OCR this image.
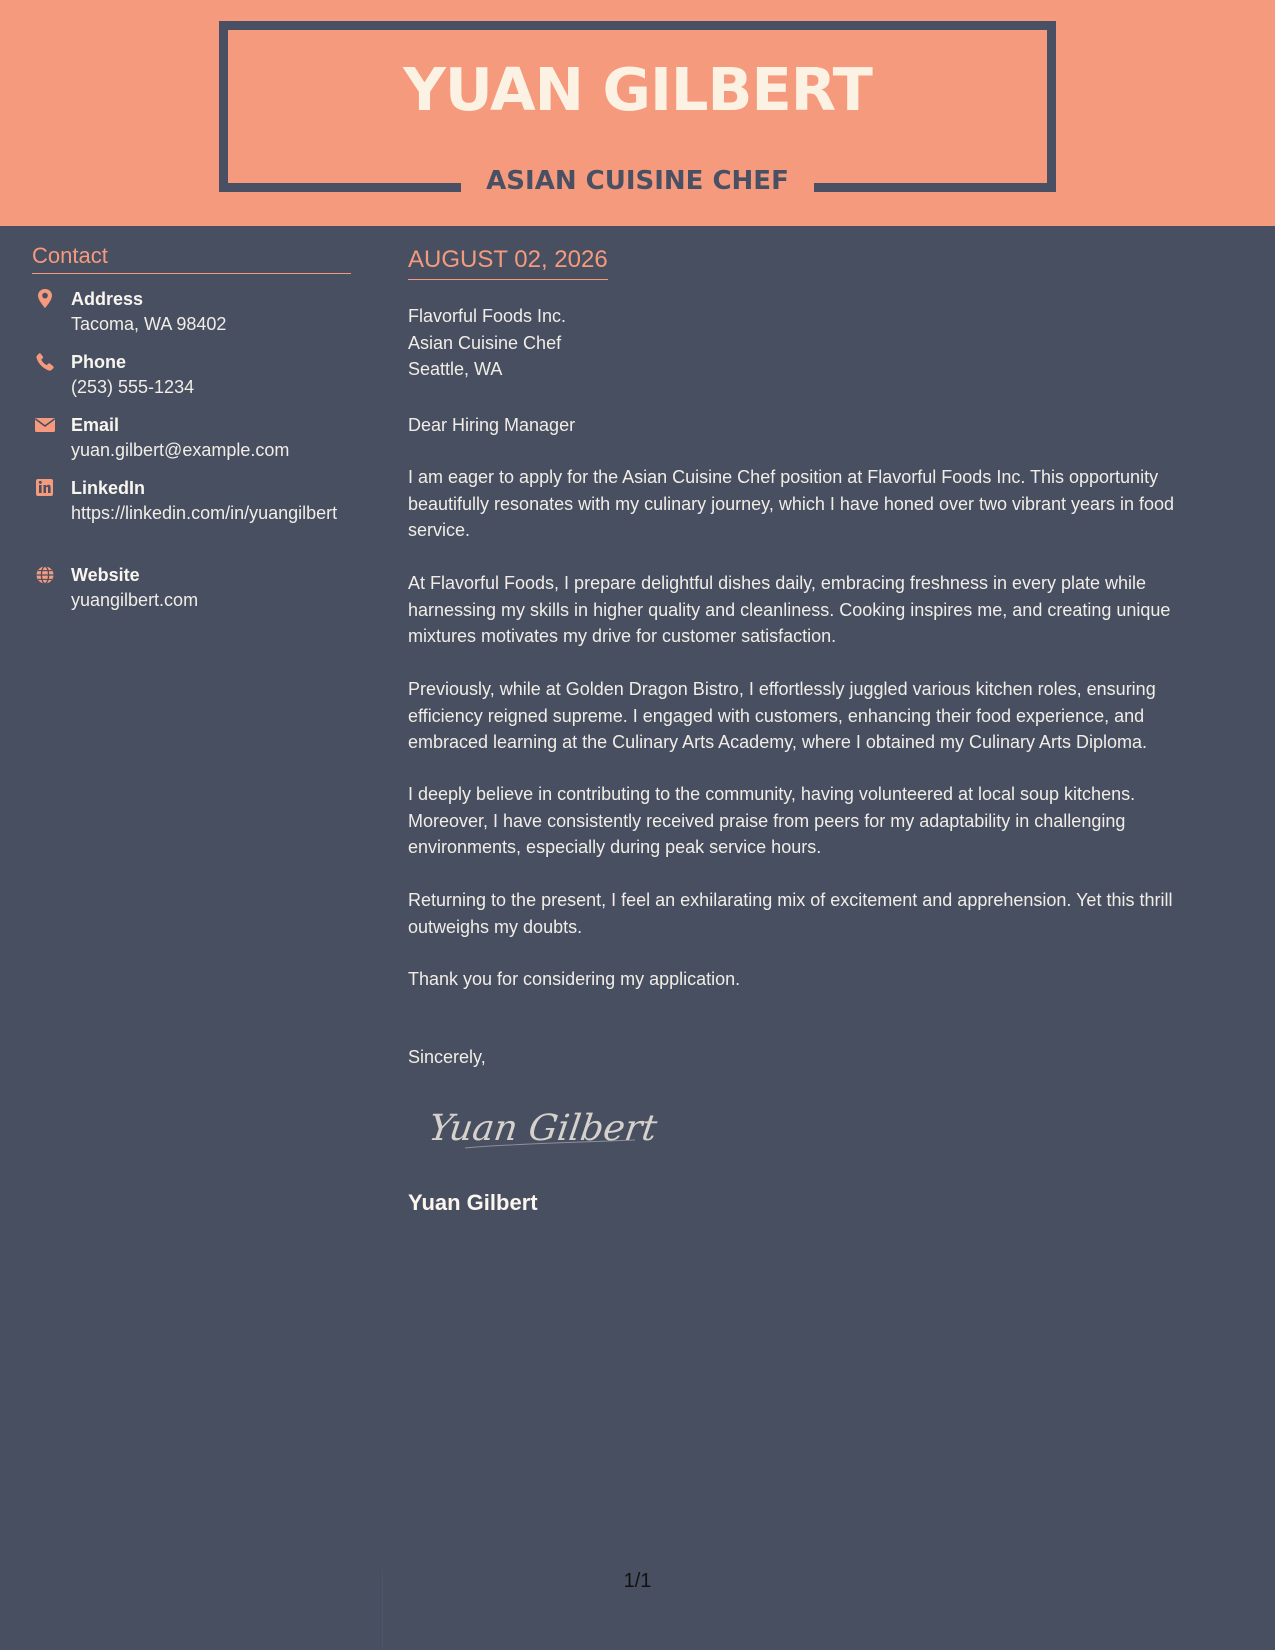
YUAN GILBERT
ASIAN CUISINE CHEF
Contact
Address
Tacoma, WA 98402
Phone
(253) 555-1234
Email
yuan.gilbert@example.com
LinkedIn
https://linkedin.com/in/yuangilbert
Website
yuangilbert.com
AUGUST 02, 2026
Flavorful Foods Inc.
Asian Cuisine Chef
Seattle, WA
Dear Hiring Manager
I am eager to apply for the Asian Cuisine Chef position at Flavorful Foods Inc. This opportunity beautifully resonates with my culinary journey, which I have honed over two vibrant years in food service.
At Flavorful Foods, I prepare delightful dishes daily, embracing freshness in every plate while harnessing my skills in higher quality and cleanliness. Cooking inspires me, and creating unique mixtures motivates my drive for customer satisfaction.
Previously, while at Golden Dragon Bistro, I effortlessly juggled various kitchen roles, ensuring efficiency reigned supreme. I engaged with customers, enhancing their food experience, and embraced learning at the Culinary Arts Academy, where I obtained my Culinary Arts Diploma.
I deeply believe in contributing to the community, having volunteered at local soup kitchens. Moreover, I have consistently received praise from peers for my adaptability in challenging environments, especially during peak service hours.
Returning to the present, I feel an exhilarating mix of excitement and apprehension. Yet this thrill outweighs my doubts.
Thank you for considering my application.
Sincerely,
Yuan Gilbert
Yuan Gilbert
1/1
